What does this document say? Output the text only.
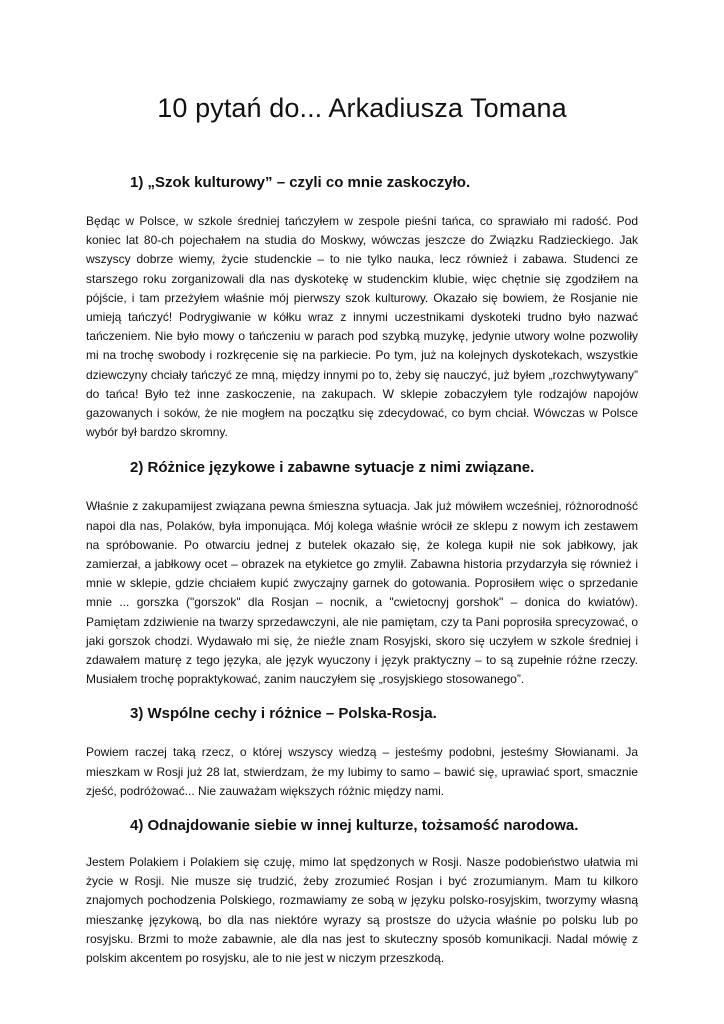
10 pytań do... Arkadiusza Tomana
1) „Szok kulturowy” – czyli co mnie zaskoczyło.

Będąc w Polsce, w szkole średniej tańczyłem w zespole pieśni tańca, co sprawiało mi radość. Pod koniec lat 80-ch pojechałem na studia do Moskwy, wówczas jeszcze do Związku Radzieckiego. Jak wszyscy dobrze wiemy, życie studenckie – to nie tylko nauka, lecz również i zabawa. Studenci ze starszego roku zorganizowali dla nas dyskotekę w studenckim klubie, więc chętnie się zgodziłem na pójście, i tam przeżyłem właśnie mój pierwszy szok kulturowy. Okazało się bowiem, że Rosjanie nie umieją tańczyć! Podrygiwanie w kółku wraz z innymi uczestnikami dyskoteki trudno było nazwać tańczeniem. Nie było mowy o tańczeniu w parach pod szybką muzykę, jedynie utwory wolne pozwoliły mi na trochę swobody i rozkręcenie się na parkiecie. Po tym, już na kolejnych dyskotekach, wszystkie dziewczyny chciały tańczyć ze mną, między innymi po to, żeby się nauczyć, już byłem „rozchwytywany” do tańca! Było też inne zaskoczenie, na zakupach. W sklepie zobaczyłem tyle rodzajów napojów gazowanych i soków, że nie mogłem na początku się zdecydować, co bym chciał. Wówczas w Polsce wybór był bardzo skromny.

2) Różnice językowe i zabawne sytuacje z nimi związane.

Właśnie z zakupamijest związana pewna śmieszna sytuacja. Jak już mówiłem wcześniej, różnorodność napoi dla nas, Polaków, była imponująca. Mój kolega właśnie wrócił ze sklepu z nowym ich zestawem na spróbowanie. Po otwarciu jednej z butelek okazało się, że kolega kupił nie sok jabłkowy, jak zamierzał, a jabłkowy ocet – obrazek na etykietce go zmylił. Zabawna historia przydarzyła się również i mnie w sklepie, gdzie chciałem kupić zwyczajny garnek do gotowania. Poprosiłem więc o sprzedanie mnie ... gorszka ("gorszok" dla Rosjan – nocnik, a "cwietocnyj gorshok" – donica do kwiatów). Pamiętam zdziwienie na twarzy sprzedawczyni, ale nie pamiętam, czy ta Pani poprosiła sprecyzować, o jaki gorszok chodzi. Wydawało mi się, że nieźle znam Rosyjski, skoro się uczyłem w szkole średniej i zdawałem maturę z tego języka, ale język wyuczony i język praktyczny – to są zupełnie różne rzeczy. Musiałem trochę popraktykować, zanim nauczyłem się „rosyjskiego stosowanego”.

3) Wspólne cechy i różnice – Polska-Rosja.

Powiem raczej taką rzecz, o której wszyscy wiedzą – jesteśmy podobni, jesteśmy Słowianami. Ja mieszkam w Rosji już 28 lat, stwierdzam, że my lubimy to samo – bawić się, uprawiać sport, smacznie zjeść, podróżować... Nie zauważam większych różnic między nami.

4) Odnajdowanie siebie w innej kulturze, tożsamość narodowa.

Jestem Polakiem i Polakiem się czuję, mimo lat spędzonych w Rosji. Nasze podobieństwo ułatwia mi życie w Rosji. Nie musze się trudzić, żeby zrozumieć Rosjan i być zrozumianym. Mam tu kilkoro znajomych pochodzenia Polskiego, rozmawiamy ze sobą w języku polsko-rosyjskim, tworzymy własną mieszankę językową, bo dla nas niektóre wyrazy są prostsze do użycia właśnie po polsku lub po rosyjsku. Brzmi to może zabawnie, ale dla nas jest to skuteczny sposób komunikacji. Nadal mówię z polskim akcentem po rosyjsku, ale to nie jest w niczym przeszkodą.
